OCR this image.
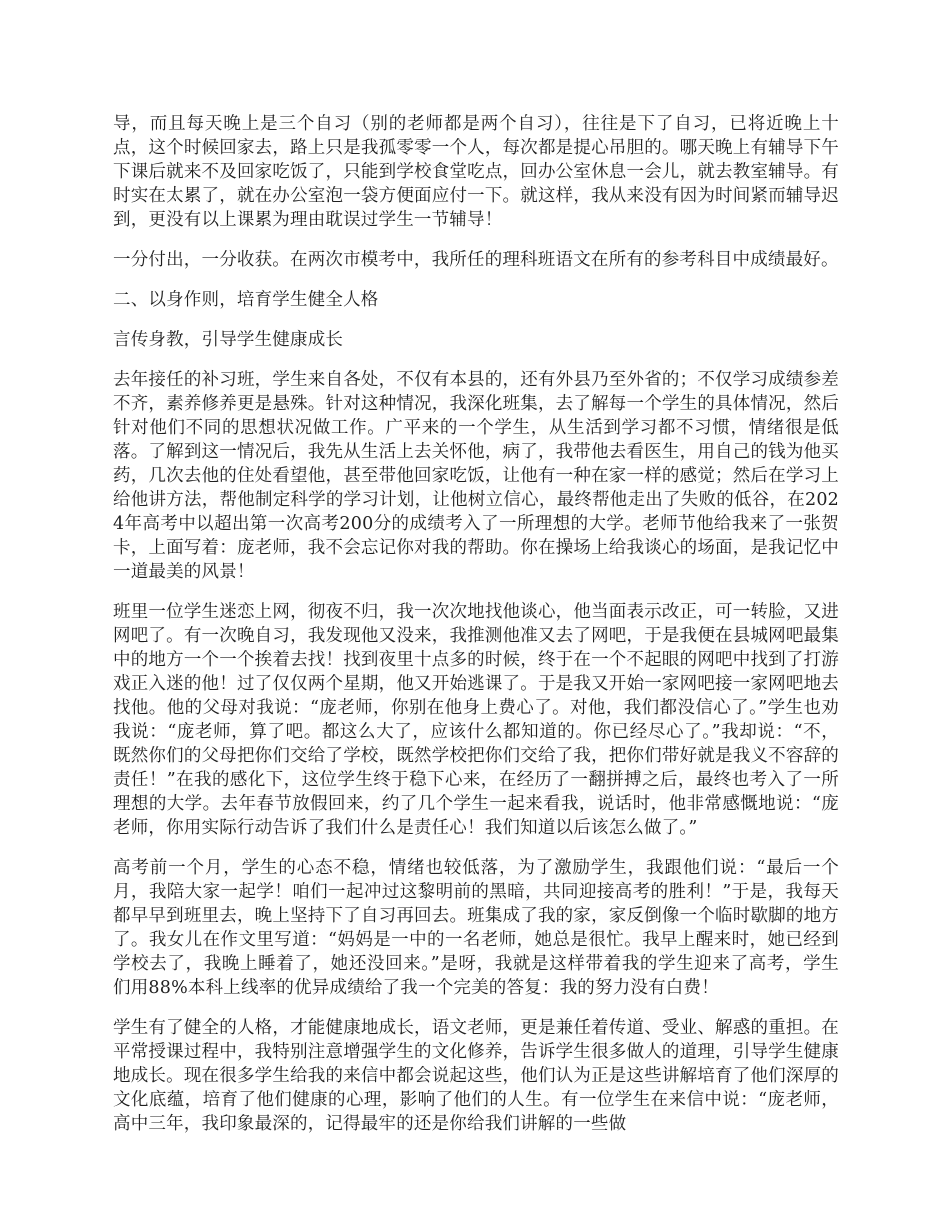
导，而且每天晚上是三个自习（别的老师都是两个自习），往往是下了自习，已将近晚上十点，这个时候回家去，路上只是我孤零零一个人，每次都是提心吊胆的。哪天晚上有辅导下午下课后就来不及回家吃饭了，只能到学校食堂吃点，回办公室休息一会儿，就去教室辅导。有时实在太累了，就在办公室泡一袋方便面应付一下。就这样，我从来没有因为时间紧而辅导迟到，更没有以上课累为理由耽误过学生一节辅导！

一分付出，一分收获。在两次市模考中，我所任的理科班语文在所有的参考科目中成绩最好。

二、以身作则，培育学生健全人格

言传身教，引导学生健康成长

去年接任的补习班，学生来自各处，不仅有本县的，还有外县乃至外省的；不仅学习成绩参差不齐，素养修养更是悬殊。针对这种情况，我深化班集，去了解每一个学生的具体情况，然后针对他们不同的思想状况做工作。广平来的一个学生，从生活到学习都不习惯，情绪很是低落。了解到这一情况后，我先从生活上去关怀他，病了，我带他去看医生，用自己的钱为他买药，几次去他的住处看望他，甚至带他回家吃饭，让他有一种在家一样的感觉；然后在学习上给他讲方法，帮他制定科学的学习计划，让他树立信心，最终帮他走出了失败的低谷，在2024年高考中以超出第一次高考200分的成绩考入了一所理想的大学。老师节他给我来了一张贺卡，上面写着：庞老师，我不会忘记你对我的帮助。你在操场上给我谈心的场面，是我记忆中一道最美的风景！

班里一位学生迷恋上网，彻夜不归，我一次次地找他谈心，他当面表示改正，可一转脸，又进网吧了。有一次晚自习，我发现他又没来，我推测他准又去了网吧，于是我便在县城网吧最集中的地方一个一个挨着去找！找到夜里十点多的时候，终于在一个不起眼的网吧中找到了打游戏正入迷的他！过了仅仅两个星期，他又开始逃课了。于是我又开始一家网吧接一家网吧地去找他。他的父母对我说：“庞老师，你别在他身上费心了。对他，我们都没信心了。”学生也劝我说：“庞老师，算了吧。都这么大了，应该什么都知道的。你已经尽心了。”我却说：“不，既然你们的父母把你们交给了学校，既然学校把你们交给了我，把你们带好就是我义不容辞的责任！”在我的感化下，这位学生终于稳下心来，在经历了一翻拼搏之后，最终也考入了一所理想的大学。去年春节放假回来，约了几个学生一起来看我，说话时，他非常感慨地说：“庞老师，你用实际行动告诉了我们什么是责任心！我们知道以后该怎么做了。”

高考前一个月，学生的心态不稳，情绪也较低落，为了激励学生，我跟他们说：“最后一个月，我陪大家一起学！咱们一起冲过这黎明前的黑暗，共同迎接高考的胜利！”于是，我每天都早早到班里去，晚上坚持下了自习再回去。班集成了我的家，家反倒像一个临时歇脚的地方了。我女儿在作文里写道：“妈妈是一中的一名老师，她总是很忙。我早上醒来时，她已经到学校去了，我晚上睡着了，她还没回来。”是呀，我就是这样带着我的学生迎来了高考，学生们用88%本科上线率的优异成绩给了我一个完美的答复：我的努力没有白费！

学生有了健全的人格，才能健康地成长，语文老师，更是兼任着传道、受业、解惑的重担。在平常授课过程中，我特别注意增强学生的文化修养，告诉学生很多做人的道理，引导学生健康地成长。现在很多学生给我的来信中都会说起这些，他们认为正是这些讲解培育了他们深厚的文化底蕴，培育了他们健康的心理，影响了他们的人生。有一位学生在来信中说：“庞老师，高中三年，我印象最深的，记得最牢的还是你给我们讲解的一些做
